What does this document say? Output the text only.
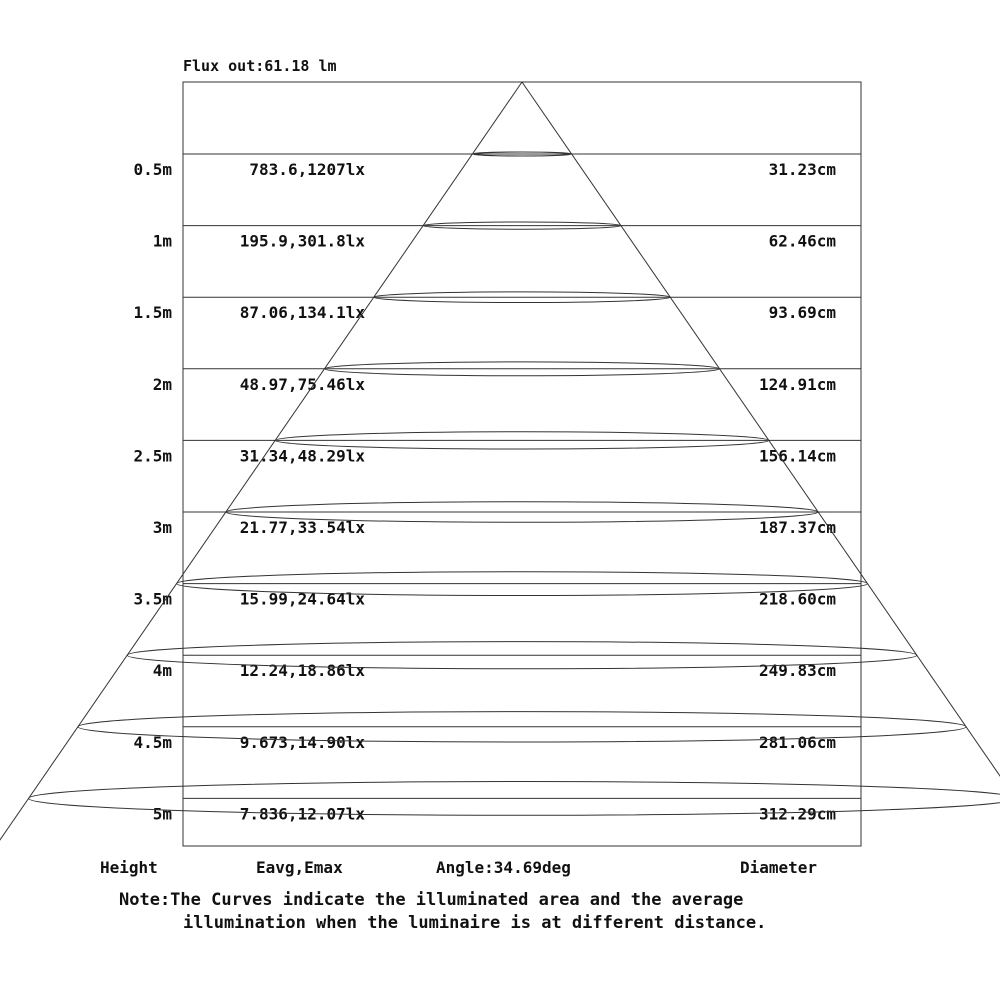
Flux out:61.18 lm
0.5m	783.6,1207lx	31.23cm
1m	195.9,301.8lx	62.46cm
1.5m	87.06,134.1lx	93.69cm
2m	48.97,75.46lx	124.91cm
2.5m	31.34,48.29lx	156.14cm
3m	21.77,33.54lx	187.37cm
3.5m	15.99,24.64lx	218.60cm
4m	12.24,18.86lx	249.83cm
4.5m	9.673,14.90lx	281.06cm
5m	7.836,12.07lx	312.29cm
Height	Eavg,Emax	Angle:34.69deg	Diameter
Note:The Curves indicate the illuminated area and the average
illumination when the luminaire is at different distance.
